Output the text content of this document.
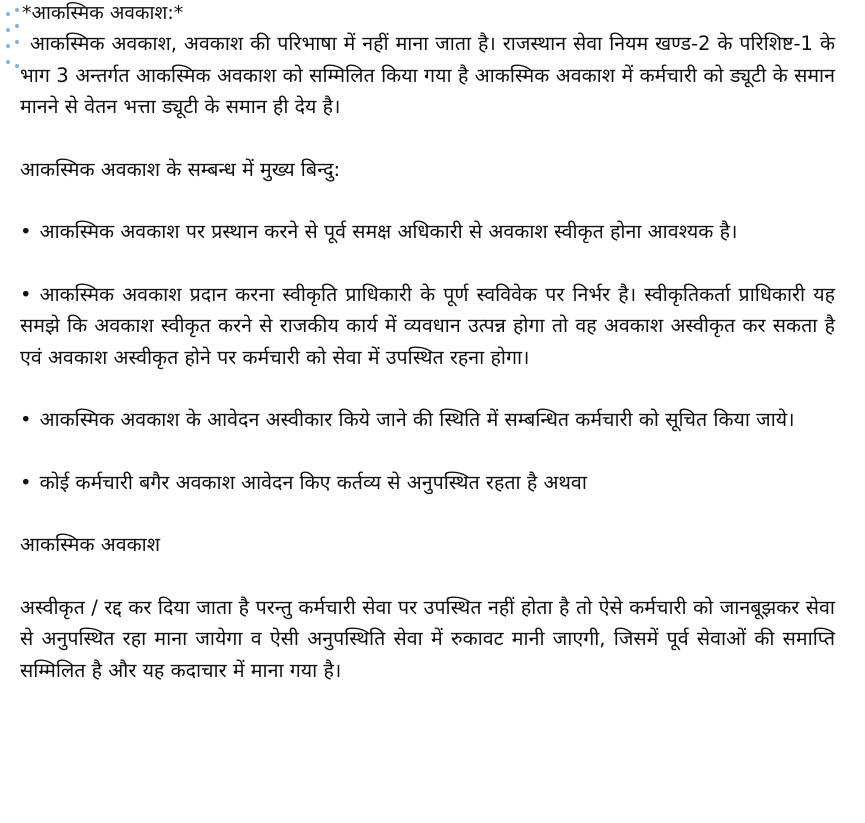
*आकस्मिक अवकाश:*

आकस्मिक अवकाश, अवकाश की परिभाषा में नहीं माना जाता है। राजस्थान सेवा नियम खण्ड-2 के परिशिष्ट-1 के भाग 3 अन्तर्गत आकस्मिक अवकाश को सम्मिलित किया गया है आकस्मिक अवकाश में कर्मचारी को ड्यूटी के समान मानने से वेतन भत्ता ड्यूटी के समान ही देय है।

आकस्मिक अवकाश के सम्बन्ध में मुख्य बिन्दु:

• आकस्मिक अवकाश पर प्रस्थान करने से पूर्व समक्ष अधिकारी से अवकाश स्वीकृत होना आवश्यक है।

• आकस्मिक अवकाश प्रदान करना स्वीकृति प्राधिकारी के पूर्ण स्वविवेक पर निर्भर है। स्वीकृतिकर्ता प्राधिकारी यह समझे कि अवकाश स्वीकृत करने से राजकीय कार्य में व्यवधान उत्पन्न होगा तो वह अवकाश अस्वीकृत कर सकता है एवं अवकाश अस्वीकृत होने पर कर्मचारी को सेवा में उपस्थित रहना होगा।

• आकस्मिक अवकाश के आवेदन अस्वीकार किये जाने की स्थिति में सम्बन्धित कर्मचारी को सूचित किया जाये।

• कोई कर्मचारी बगैर अवकाश आवेदन किए कर्तव्य से अनुपस्थित रहता है अथवा

आकस्मिक अवकाश

अस्वीकृत / रद्द कर दिया जाता है परन्तु कर्मचारी सेवा पर उपस्थित नहीं होता है तो ऐसे कर्मचारी को जानबूझकर सेवा से अनुपस्थित रहा माना जायेगा व ऐसी अनुपस्थिति सेवा में रुकावट मानी जाएगी, जिसमें पूर्व सेवाओं की समाप्ति सम्मिलित है और यह कदाचार में माना गया है।
